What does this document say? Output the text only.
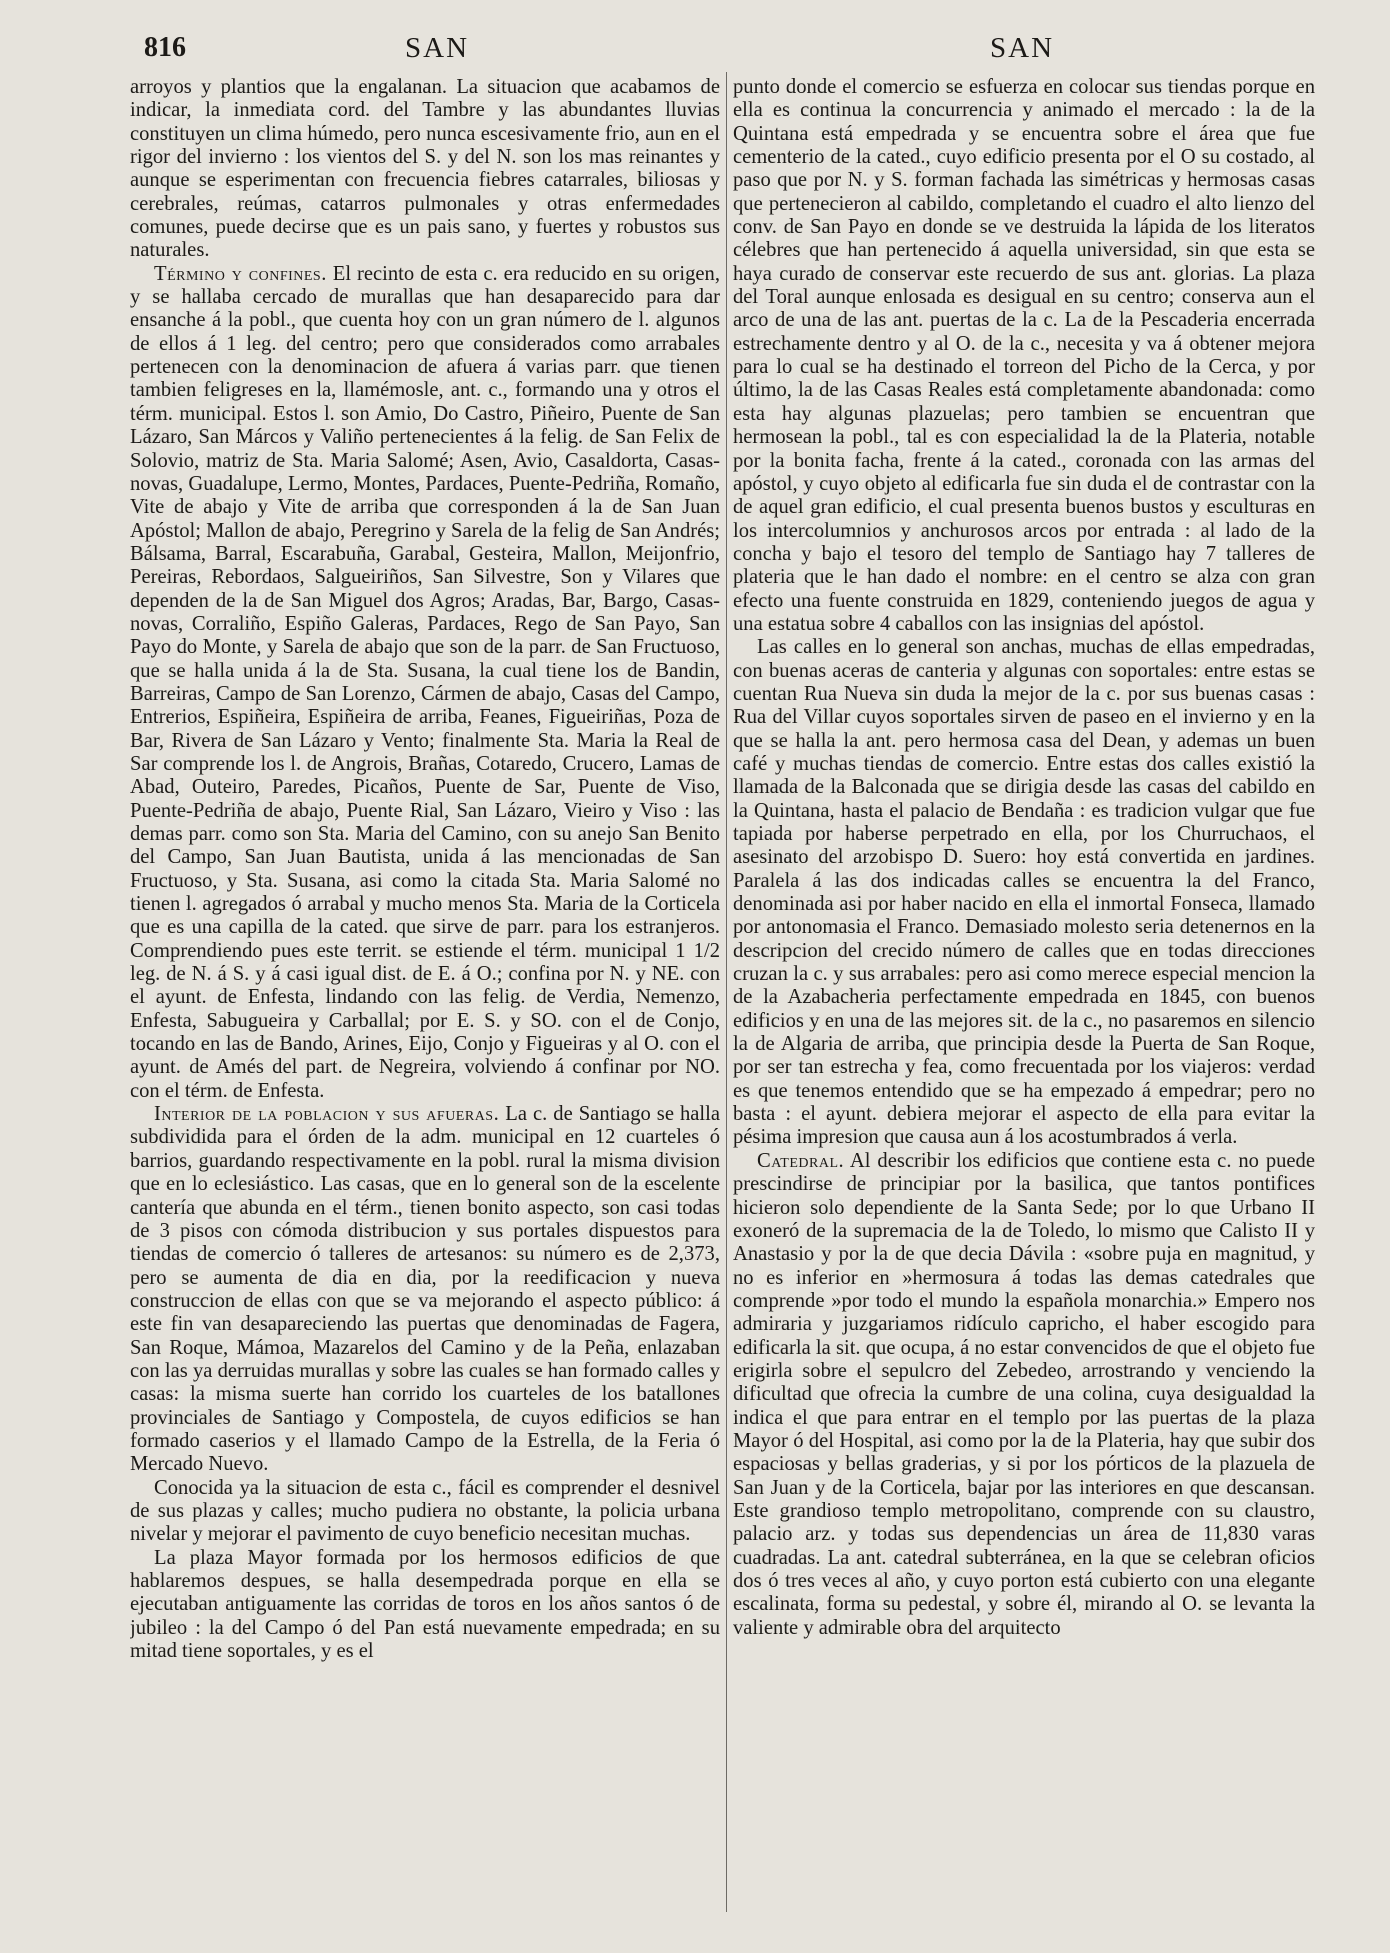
816	SAN	SAN

arroyos y plantios que la engalanan. La situacion que acabamos de indicar, la inmediata cord. del Tambre y las abundantes lluvias constituyen un clima húmedo, pero nunca escesivamente frio, aun en el rigor del invierno : los vientos del S. y del N. son los mas reinantes y aunque se esperimentan con frecuencia fiebres catarrales, biliosas y cerebrales, reúmas, catarros pulmonales y otras enfermedades comunes, puede decirse que es un pais sano, y fuertes y robustos sus naturales.

Término y confines. El recinto de esta c. era reducido en su origen, y se hallaba cercado de murallas que han desaparecido para dar ensanche á la pobl., que cuenta hoy con un gran número de l. algunos de ellos á 1 leg. del centro; pero que considerados como arrabales pertenecen con la denominacion de afuera á varias parr. que tienen tambien feligreses en la, llamémosle, ant. c., formando una y otros el térm. municipal. Estos l. son Amio, Do Castro, Piñeiro, Puente de San Lázaro, San Márcos y Valiño pertenecientes á la felig. de San Felix de Solovio, matriz de Sta. Maria Salomé; Asen, Avio, Casaldorta, Casas-novas, Guadalupe, Lermo, Montes, Pardaces, Puente-Pedriña, Romaño, Vite de abajo y Vite de arriba que corresponden á la de San Juan Apóstol; Mallon de abajo, Peregrino y Sarela de la felig de San Andrés; Bálsama, Barral, Escarabuña, Garabal, Gesteira, Mallon, Meijonfrio, Pereiras, Rebordaos, Salgueiriños, San Silvestre, Son y Vilares que dependen de la de San Miguel dos Agros; Aradas, Bar, Bargo, Casas-novas, Corraliño, Espiño Galeras, Pardaces, Rego de San Payo, San Payo do Monte, y Sarela de abajo que son de la parr. de San Fructuoso, que se halla unida á la de Sta. Susana, la cual tiene los de Bandin, Barreiras, Campo de San Lorenzo, Cármen de abajo, Casas del Campo, Entrerios, Espiñeira, Espiñeira de arriba, Feanes, Figueiriñas, Poza de Bar, Rivera de San Lázaro y Vento; finalmente Sta. Maria la Real de Sar comprende los l. de Angrois, Brañas, Cotaredo, Crucero, Lamas de Abad, Outeiro, Paredes, Picaños, Puente de Sar, Puente de Viso, Puente-Pedriña de abajo, Puente Rial, San Lázaro, Vieiro y Viso : las demas parr. como son Sta. Maria del Camino, con su anejo San Benito del Campo, San Juan Bautista, unida á las mencionadas de San Fructuoso, y Sta. Susana, asi como la citada Sta. Maria Salomé no tienen l. agregados ó arrabal y mucho menos Sta. Maria de la Corticela que es una capilla de la cated. que sirve de parr. para los estranjeros. Comprendiendo pues este territ. se estiende el térm. municipal 1 1/2 leg. de N. á S. y á casi igual dist. de E. á O.; confina por N. y NE. con el ayunt. de Enfesta, lindando con las felig. de Verdia, Nemenzo, Enfesta, Sabugueira y Carballal; por E. S. y SO. con el de Conjo, tocando en las de Bando, Arines, Eijo, Conjo y Figueiras y al O. con el ayunt. de Amés del part. de Negreira, volviendo á confinar por NO. con el térm. de Enfesta.

Interior de la poblacion y sus afueras. La c. de Santiago se halla subdividida para el órden de la adm. municipal en 12 cuarteles ó barrios, guardando respectivamente en la pobl. rural la misma division que en lo eclesiástico. Las casas, que en lo general son de la escelente cantería que abunda en el térm., tienen bonito aspecto, son casi todas de 3 pisos con cómoda distribucion y sus portales dispuestos para tiendas de comercio ó talleres de artesanos: su número es de 2,373, pero se aumenta de dia en dia, por la reedificacion y nueva construccion de ellas con que se va mejorando el aspecto público: á este fin van desapareciendo las puertas que denominadas de Fagera, San Roque, Mámoa, Mazarelos del Camino y de la Peña, enlazaban con las ya derruidas murallas y sobre las cuales se han formado calles y casas: la misma suerte han corrido los cuarteles de los batallones provinciales de Santiago y Compostela, de cuyos edificios se han formado caserios y el llamado Campo de la Estrella, de la Feria ó Mercado Nuevo.

Conocida ya la situacion de esta c., fácil es comprender el desnivel de sus plazas y calles; mucho pudiera no obstante, la policia urbana nivelar y mejorar el pavimento de cuyo beneficio necesitan muchas.

La plaza Mayor formada por los hermosos edificios de que hablaremos despues, se halla desempedrada porque en ella se ejecutaban antiguamente las corridas de toros en los años santos ó de jubileo : la del Campo ó del Pan está nuevamente empedrada; en su mitad tiene soportales, y es el

punto donde el comercio se esfuerza en colocar sus tiendas porque en ella es continua la concurrencia y animado el mercado : la de la Quintana está empedrada y se encuentra sobre el área que fue cementerio de la cated., cuyo edificio presenta por el O su costado, al paso que por N. y S. forman fachada las simétricas y hermosas casas que pertenecieron al cabildo, completando el cuadro el alto lienzo del conv. de San Payo en donde se ve destruida la lápida de los literatos célebres que han pertenecido á aquella universidad, sin que esta se haya curado de conservar este recuerdo de sus ant. glorias. La plaza del Toral aunque enlosada es desigual en su centro; conserva aun el arco de una de las ant. puertas de la c. La de la Pescaderia encerrada estrechamente dentro y al O. de la c., necesita y va á obtener mejora para lo cual se ha destinado el torreon del Picho de la Cerca, y por último, la de las Casas Reales está completamente abandonada: como esta hay algunas plazuelas; pero tambien se encuentran que hermosean la pobl., tal es con especialidad la de la Plateria, notable por la bonita facha, frente á la cated., coronada con las armas del apóstol, y cuyo objeto al edificarla fue sin duda el de contrastar con la de aquel gran edificio, el cual presenta buenos bustos y esculturas en los intercolumnios y anchurosos arcos por entrada : al lado de la concha y bajo el tesoro del templo de Santiago hay 7 talleres de plateria que le han dado el nombre: en el centro se alza con gran efecto una fuente construida en 1829, conteniendo juegos de agua y una estatua sobre 4 caballos con las insignias del apóstol.

Las calles en lo general son anchas, muchas de ellas empedradas, con buenas aceras de canteria y algunas con soportales: entre estas se cuentan Rua Nueva sin duda la mejor de la c. por sus buenas casas : Rua del Villar cuyos soportales sirven de paseo en el invierno y en la que se halla la ant. pero hermosa casa del Dean, y ademas un buen café y muchas tiendas de comercio. Entre estas dos calles existió la llamada de la Balconada que se dirigia desde las casas del cabildo en la Quintana, hasta el palacio de Bendaña : es tradicion vulgar que fue tapiada por haberse perpetrado en ella, por los Churruchaos, el asesinato del arzobispo D. Suero: hoy está convertida en jardines. Paralela á las dos indicadas calles se encuentra la del Franco, denominada asi por haber nacido en ella el inmortal Fonseca, llamado por antonomasia el Franco. Demasiado molesto seria detenernos en la descripcion del crecido número de calles que en todas direcciones cruzan la c. y sus arrabales: pero asi como merece especial mencion la de la Azabacheria perfectamente empedrada en 1845, con buenos edificios y en una de las mejores sit. de la c., no pasaremos en silencio la de Algaria de arriba, que principia desde la Puerta de San Roque, por ser tan estrecha y fea, como frecuentada por los viajeros: verdad es que tenemos entendido que se ha empezado á empedrar; pero no basta : el ayunt. debiera mejorar el aspecto de ella para evitar la pésima impresion que causa aun á los acostumbrados á verla.

Catedral. Al describir los edificios que contiene esta c. no puede prescindirse de principiar por la basilica, que tantos pontifices hicieron solo dependiente de la Santa Sede; por lo que Urbano II exoneró de la supremacia de la de Toledo, lo mismo que Calisto II y Anastasio y por la de que decia Dávila : «sobre puja en magnitud, y no es inferior en »hermosura á todas las demas catedrales que comprende »por todo el mundo la española monarchia.» Empero nos admiraria y juzgariamos ridículo capricho, el haber escogido para edificarla la sit. que ocupa, á no estar convencidos de que el objeto fue erigirla sobre el sepulcro del Zebedeo, arrostrando y venciendo la dificultad que ofrecia la cumbre de una colina, cuya desigualdad la indica el que para entrar en el templo por las puertas de la plaza Mayor ó del Hospital, asi como por la de la Plateria, hay que subir dos espaciosas y bellas graderias, y si por los pórticos de la plazuela de San Juan y de la Corticela, bajar por las interiores en que descansan. Este grandioso templo metropolitano, comprende con su claustro, palacio arz. y todas sus dependencias un área de 11,830 varas cuadradas. La ant. catedral subterránea, en la que se celebran oficios dos ó tres veces al año, y cuyo porton está cubierto con una elegante escalinata, forma su pedestal, y sobre él, mirando al O. se levanta la valiente y admirable obra del arquitecto
